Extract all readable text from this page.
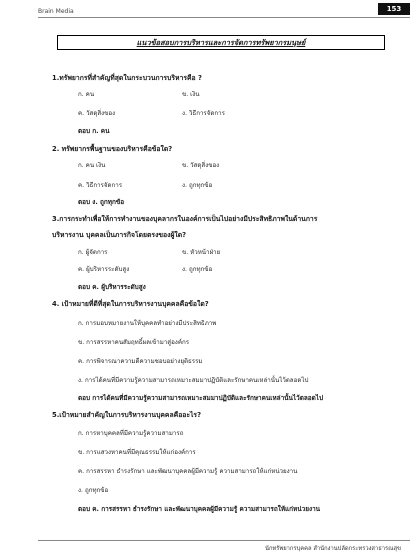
Brain Media	153
แนวข้อสอบการบริหารและการจัดการทรัพยากรมนุษย์
1.ทรัพยากรที่สำคัญที่สุดในกระบวนการบริหารคือ ?
ก. คน	ข. เงิน
ค. วัสดุสิ่งของ	ง. วิธีการจัดการ
ตอบ ก. คน
2. ทรัพยากรพื้นฐานของบริหารคือข้อใด?
ก. คน เงิน	ข. วัสดุสิ่งของ
ค. วิธีการจัดการ	ง. ถูกทุกข้อ
ตอบ ง. ถูกทุกข้อ
3.การกระทำเพื่อให้การทำงานของบุคลากรในองค์การเป็นไปอย่างมีประสิทธิภาพในด้านการ
บริหารงาน บุคคลเป็นภารกิจโดยตรงของผู้ใด?
ก. ผู้จัดการ	ข. หัวหน้าฝ่าย
ค. ผู้บริหารระดับสูง	ง. ถูกทุกข้อ
ตอบ ค. ผู้บริหารระดับสูง
4. เป้าหมายที่ดีที่สุดในการบริหารงานบุคคลคือข้อใด?
ก. การมอบหมายงานให้บุคคลทำอย่างมีประสิทธิภาพ
ข. การสรรหาคนสัมฤทธิ์ผลเข้ามาสู่องค์กร
ค. การพิจารณาความดีความชอบอย่างยุติธรรม
ง. การได้คนที่มีความรู้ความสามารถเหมาะสมมาปฏิบัติและรักษาคนเหล่านั้นไว้ตลอดไป
ตอบ การได้คนที่มีความรู้ความสามารถเหมาะสมมาปฏิบัติและรักษาคนเหล่านั้นไว้ตลอดไป
5.เป้าหมายสำคัญในการบริหารงานบุคคลคืออะไร?
ก. การหาบุคคลที่มีความรู้ความสามารถ
ข. การแสวงหาคนที่มีคุณธรรมให้แก่องค์การ
ค. การสรรหา ธำรงรักษา และพัฒนาบุคคลผู้มีความรู้ ความสามารถให้แก่หน่วยงาน
ง. ถูกทุกข้อ
ตอบ ค. การสรรหา ธำรงรักษา และพัฒนาบุคคลผู้มีความรู้ ความสามารถให้แก่หน่วยงาน
นักทรัพยากรบุคคล สำนักงานปลัดกระทรวงสาธารณสุข
